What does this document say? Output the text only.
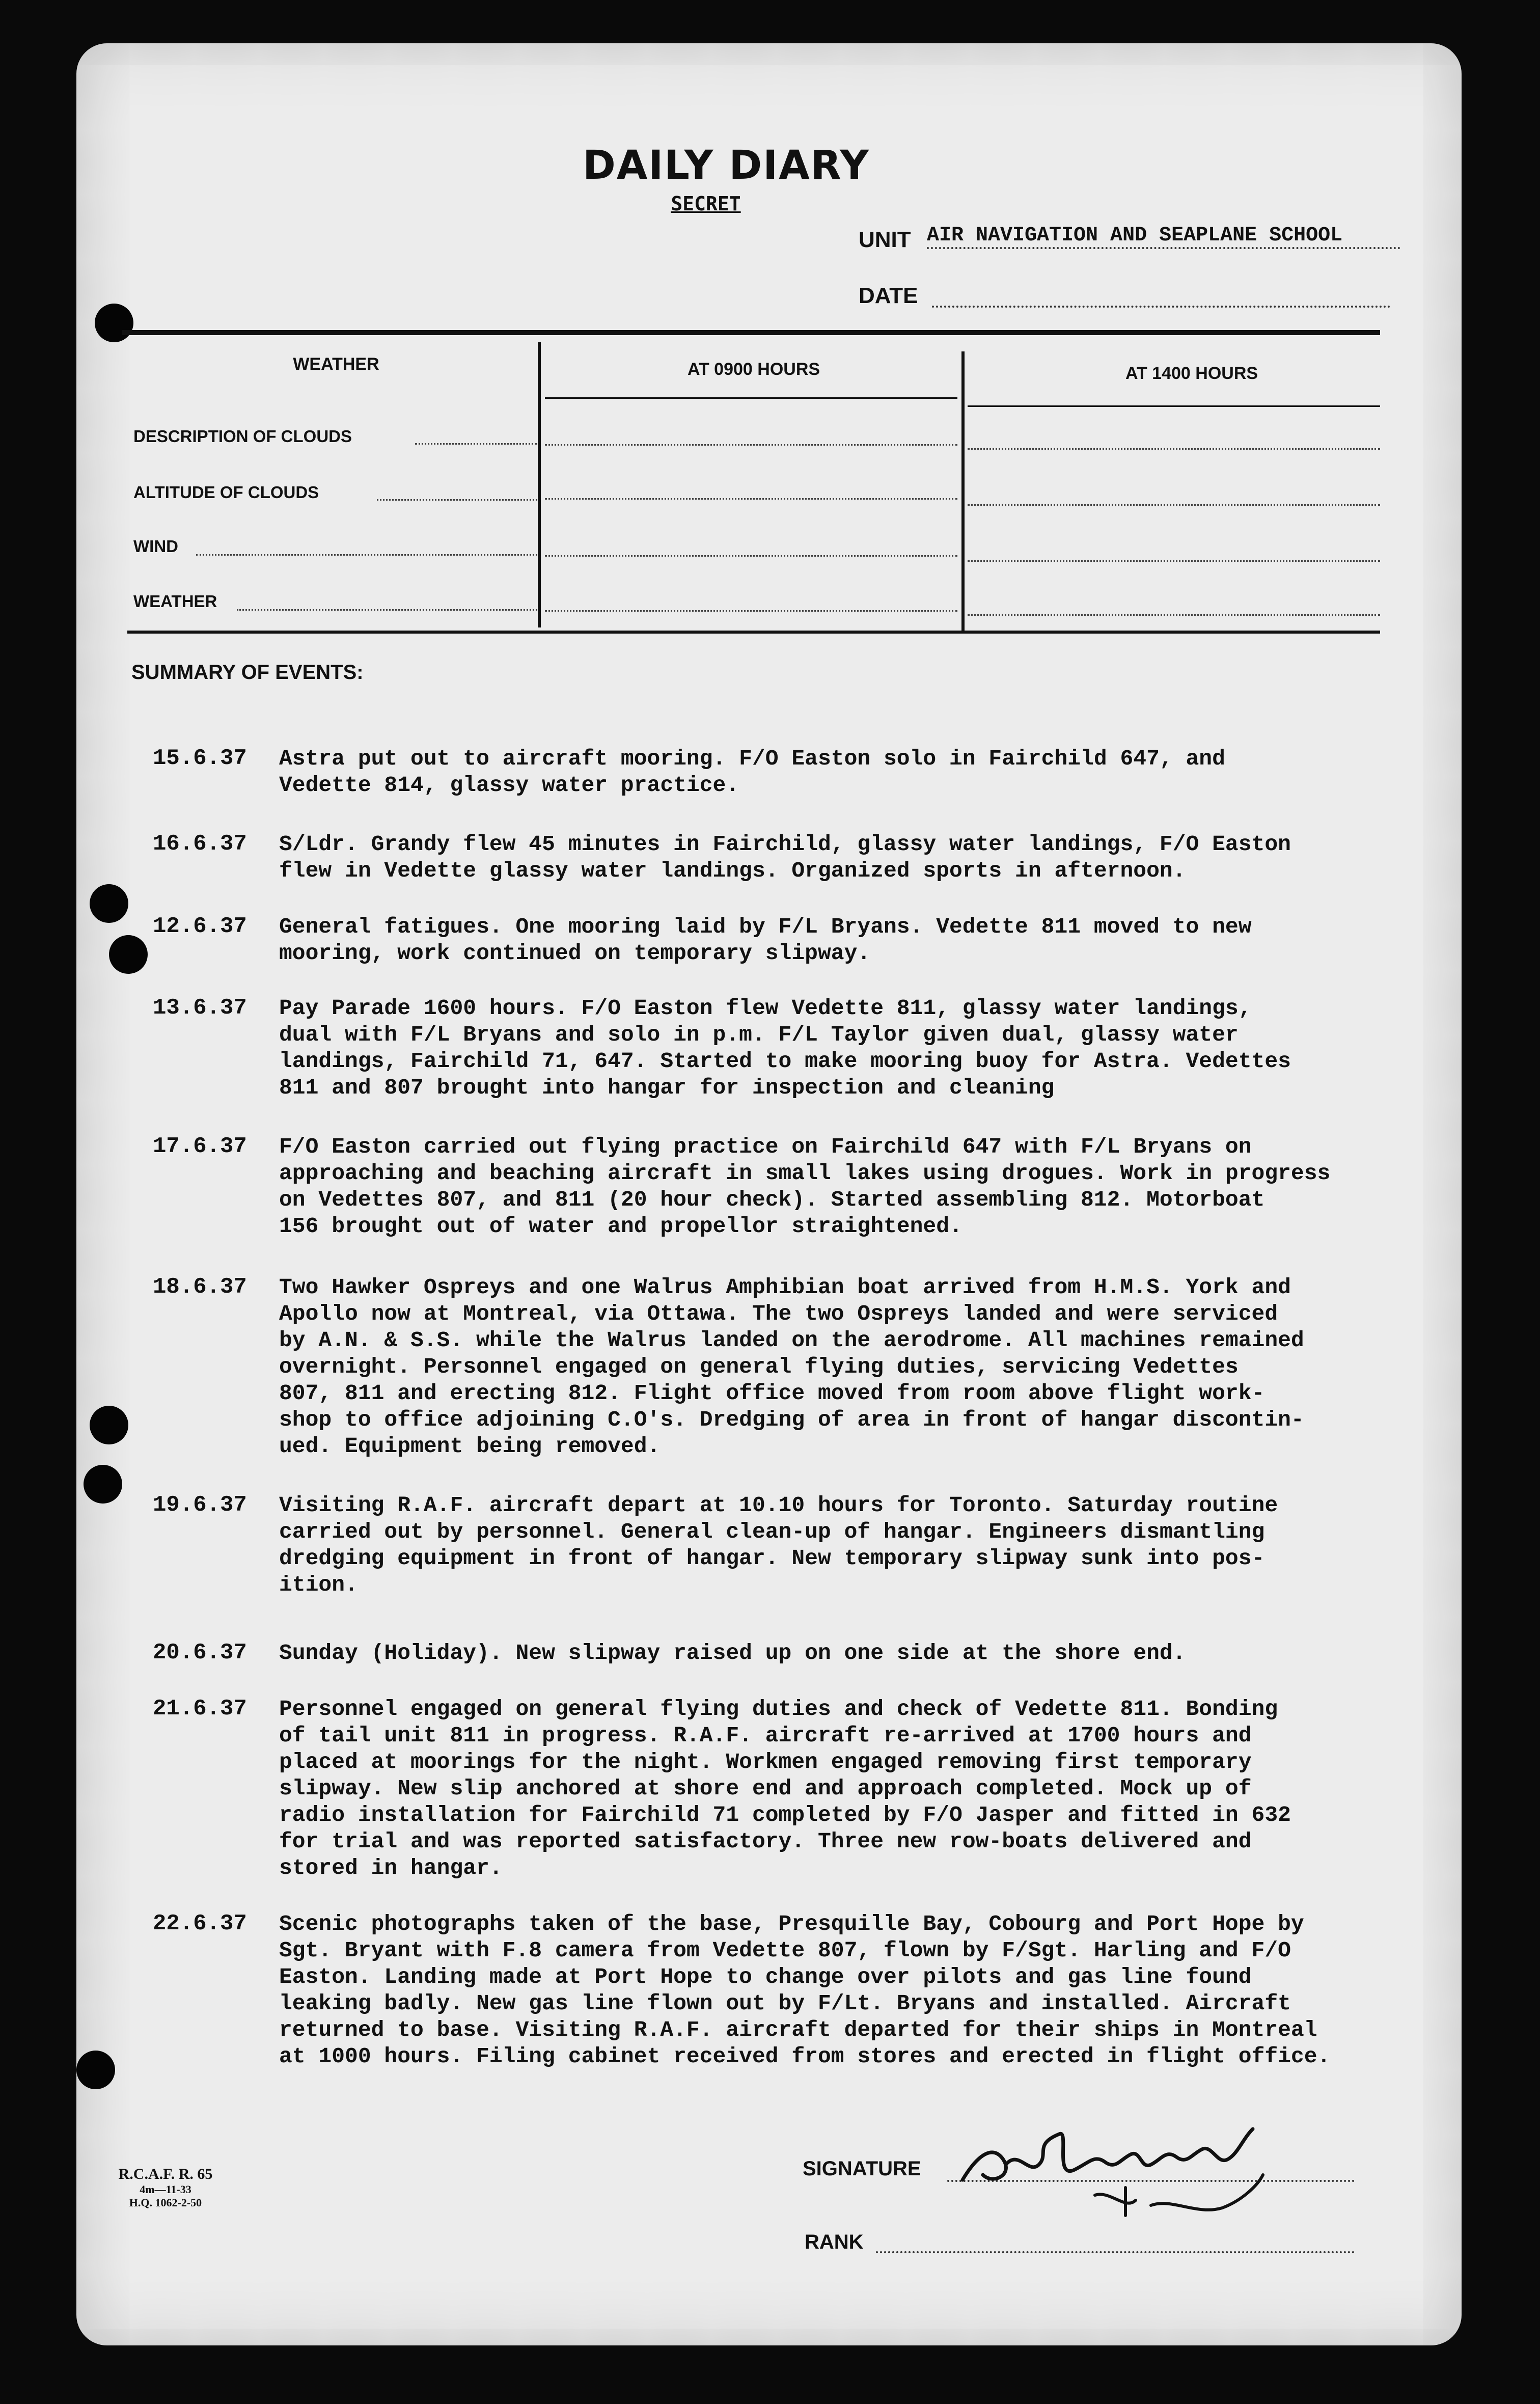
DAILY DIARY
SECRET
UNIT AIR NAVIGATION AND SEAPLANE SCHOOL
DATE
WEATHER	AT 0900 HOURS	AT 1400 HOURS
DESCRIPTION OF CLOUDS
ALTITUDE OF CLOUDS
WIND
WEATHER
SUMMARY OF EVENTS:
15.6.37 Astra put out to aircraft mooring. F/O Easton solo in Fairchild 647, and
Vedette 814, glassy water practice.
16.6.37 S/Ldr. Grandy flew 45 minutes in Fairchild, glassy water landings, F/O Easton
flew in Vedette glassy water landings. Organized sports in afternoon.
12.6.37 General fatigues. One mooring laid by F/L Bryans. Vedette 811 moved to new
mooring, work continued on temporary slipway.
13.6.37 Pay Parade 1600 hours. F/O Easton flew Vedette 811, glassy water landings,
dual with F/L Bryans and solo in p.m. F/L Taylor given dual, glassy water
landings, Fairchild 71, 647. Started to make mooring buoy for Astra. Vedettes
811 and 807 brought into hangar for inspection and cleaning
17.6.37 F/O Easton carried out flying practice on Fairchild 647 with F/L Bryans on
approaching and beaching aircraft in small lakes using drogues. Work in progress
on Vedettes 807, and 811 (20 hour check). Started assembling 812. Motorboat
156 brought out of water and propellor straightened.
18.6.37 Two Hawker Ospreys and one Walrus Amphibian boat arrived from H.M.S. York and
Apollo now at Montreal, via Ottawa. The two Ospreys landed and were serviced
by A.N. & S.S. while the Walrus landed on the aerodrome. All machines remained
overnight. Personnel engaged on general flying duties, servicing Vedettes
807, 811 and erecting 812. Flight office moved from room above flight work-
shop to office adjoining C.O's. Dredging of area in front of hangar discontin-
ued. Equipment being removed.
19.6.37 Visiting R.A.F. aircraft depart at 10.10 hours for Toronto. Saturday routine
carried out by personnel. General clean-up of hangar. Engineers dismantling
dredging equipment in front of hangar. New temporary slipway sunk into pos-
ition.
20.6.37 Sunday (Holiday). New slipway raised up on one side at the shore end.
21.6.37 Personnel engaged on general flying duties and check of Vedette 811. Bonding
of tail unit 811 in progress. R.A.F. aircraft re-arrived at 1700 hours and
placed at moorings for the night. Workmen engaged removing first temporary
slipway. New slip anchored at shore end and approach completed. Mock up of
radio installation for Fairchild 71 completed by F/O Jasper and fitted in 632
for trial and was reported satisfactory. Three new row-boats delivered and
stored in hangar.
22.6.37 Scenic photographs taken of the base, Presquille Bay, Cobourg and Port Hope by
Sgt. Bryant with F.8 camera from Vedette 807, flown by F/Sgt. Harling and F/O
Easton. Landing made at Port Hope to change over pilots and gas line found
leaking badly. New gas line flown out by F/Lt. Bryans and installed. Aircraft
returned to base. Visiting R.A.F. aircraft departed for their ships in Montreal
at 1000 hours. Filing cabinet received from stores and erected in flight office.
R.C.A.F. R. 65
4m—11-33
H.Q. 1062-2-50
SIGNATURE
RANK
